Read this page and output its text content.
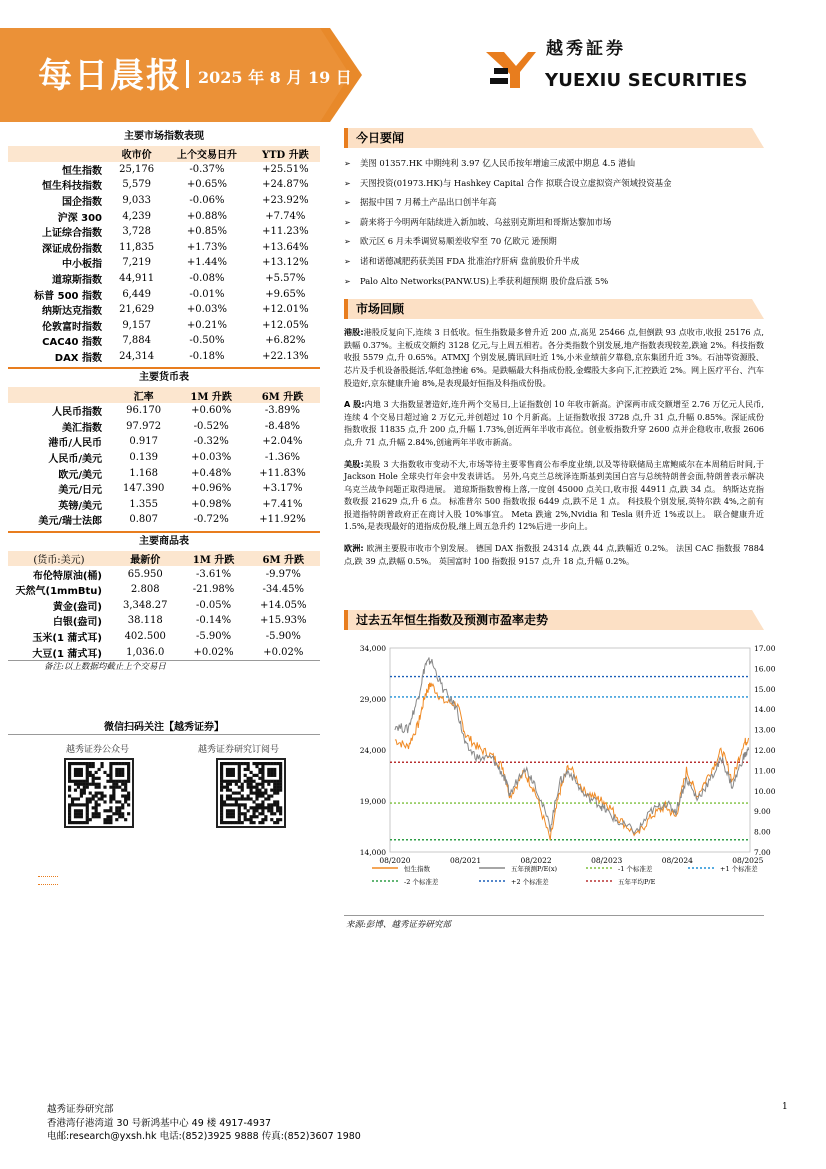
每日晨报 2025 年 8 月 19 日
越秀証券
YUEXIU SECURITIES
主要市场指数表现
	收市价	上个交易日升	YTD 升跌
恒生指数	25,176	-0.37%	+25.51%
恒生科技指数	5,579	+0.65%	+24.87%
国企指数	9,033	-0.06%	+23.92%
沪深 300	4,239	+0.88%	+7.74%
上证综合指数	3,728	+0.85%	+11.23%
深证成份指数	11,835	+1.73%	+13.64%
中小板指	7,219	+1.44%	+13.12%
道琼斯指数	44,911	-0.08%	+5.57%
标普 500 指数	6,449	-0.01%	+9.65%
纳斯达克指数	21,629	+0.03%	+12.01%
伦敦富时指数	9,157	+0.21%	+12.05%
CAC40 指数	7,884	-0.50%	+6.82%
DAX 指数	24,314	-0.18%	+22.13%
主要货币表
	汇率	1M 升跌	6M 升跌
人民币指数	96.170	+0.60%	-3.89%
美汇指数	97.972	-0.52%	-8.48%
港币/人民币	0.917	-0.32%	+2.04%
人民币/美元	0.139	+0.03%	-1.36%
欧元/美元	1.168	+0.48%	+11.83%
美元/日元	147.390	+0.96%	+3.17%
英镑/美元	1.355	+0.98%	+7.41%
美元/瑞士法郎	0.807	-0.72%	+11.92%
主要商品表
(货币:美元)	最新价	1M 升跌	6M 升跌
布伦特原油(桶)	65.950	-3.61%	-9.97%
天然气(1mmBtu)	2.808	-21.98%	-34.45%
黄金(盎司)	3,348.27	-0.05%	+14.05%
白银(盎司)	38.118	-0.14%	+15.93%
玉米(1 蒲式耳)	402.500	-5.90%	-5.90%
大豆(1 蒲式耳)	1,036.0	+0.02%	+0.02%
备注:以上数据均截止上个交易日
微信扫码关注【越秀证券】
越秀证券公众号	越秀证券研究订阅号
今日要闻
➢ 美图 01357.HK 中期纯利 3.97 亿人民币按年增逾三成派中期息 4.5 港仙
➢ 天图投资(01973.HK)与 Hashkey Capital 合作 拟联合设立虚拟资产领域投资基金
➢ 据报中国 7 月稀土产品出口创半年高
➢ 蔚来将于今明两年陆续进入新加坡、乌兹别克斯坦和哥斯达黎加市场
➢ 欧元区 6 月未季调贸易顺差收窄至 70 亿欧元 逊预期
➢ 诺和诺德减肥药获美国 FDA 批准治疗肝病 盘前股价升半成
➢ Palo Alto Networks(PANW.US)上季获利超预期 股价盘后涨 5%
市场回顾

港股:港股反复向下,连续 3 日低收。恒生指数最多曾升近 200 点,高见 25466 点,但倒跌 93 点收市,收报 25176 点,跌幅 0.37%。主板成交额约 3128 亿元,与上周五相若。各分类指数个别发展,地产指数表现较差,跌逾 2%。科技指数收报 5579 点,升 0.65%。ATMXJ 个别发展,腾讯回吐近 1%,小米业绩前夕靠稳,京东集团升近 3%。石油等资源股、芯片及手机设备股挺活,华虹急挫逾 6%。是跌幅最大科指成份股,金蝶股大多向下,汇控跌近 2%。网上医疗平台、汽车股造好,京东健康升逾 8%,是表现最好恒指及科指成份股。

A 股:内地 3 大指数显著造好,连升两个交易日,上证指数创 10 年收市新高。沪深两市成交额增至 2.76 万亿元人民币,连续 4 个交易日超过逾 2 万亿元,并创超过 10 个月新高。上证指数收报 3728 点,升 31 点,升幅 0.85%。深证成份指数收报 11835 点,升 200 点,升幅 1.73%,创近两年半收市高位。创业板指数升穿 2600 点并企稳收市,收报 2606 点,升 71 点,升幅 2.84%,创逾两年半收市新高。

美股:美股 3 大指数收市变动不大,市场等待主要零售商公布季度业绩,以及等待联储局主席鲍威尔在本周稍后时间,于 Jackson Hole 全球央行年会中发表讲话。 另外,乌克兰总统泽连斯基到美国白宫与总统特朗普会面,特朗普表示解决乌克兰战争问题正取得进展。 道琼斯指数曾梅上落,一度创 45000 点关口,收市报 44911 点,跌 34 点。 纳斯达克指数收报 21629 点,升 6 点。 标准普尔 500 指数收报 6449 点,跌不足 1 点。 科技股个别发展,英特尔跌 4%,之前有报道指特朗普政府正在商讨入股 10%事宜。 Meta 跌逾 2%,Nvidia 和 Tesla 则升近 1%或以上。 联合健康升近 1.5%,是表现最好的道指成份股,继上周五急升约 12%后进一步向上。

欧洲: 欧洲主要股市收市个别发展。 德国 DAX 指数报 24314 点,跌 44 点,跌幅近 0.2%。 法国 CAC 指数报 7884 点,跌 39 点,跌幅 0.5%。 英国富时 100 指数报 9157 点,升 18 点,升幅 0.2%。

过去五年恒生指数及预测市盈率走势
34,000
29,000
24,000
19,000
14,000
17.00
16.00
15.00
14.00
13.00
12.00
11.00
10.00
9.00
8.00
7.00
08/2020	08/2021	08/2022	08/2023	08/2024	08/2025
恒生指数	五年预测P/E(x)	-1 个标准差	+1 个标准差
-2 个标准差	+2 个标准差	五年平均P/E
来源:彭博、越秀证券研究部
越秀证券研究部
香港湾仔港湾道 30 号新鸿基中心 49 楼 4917-4937
电邮:research@yxsh.hk 电话:(852)3925 9888 传真:(852)3607 1980
1
